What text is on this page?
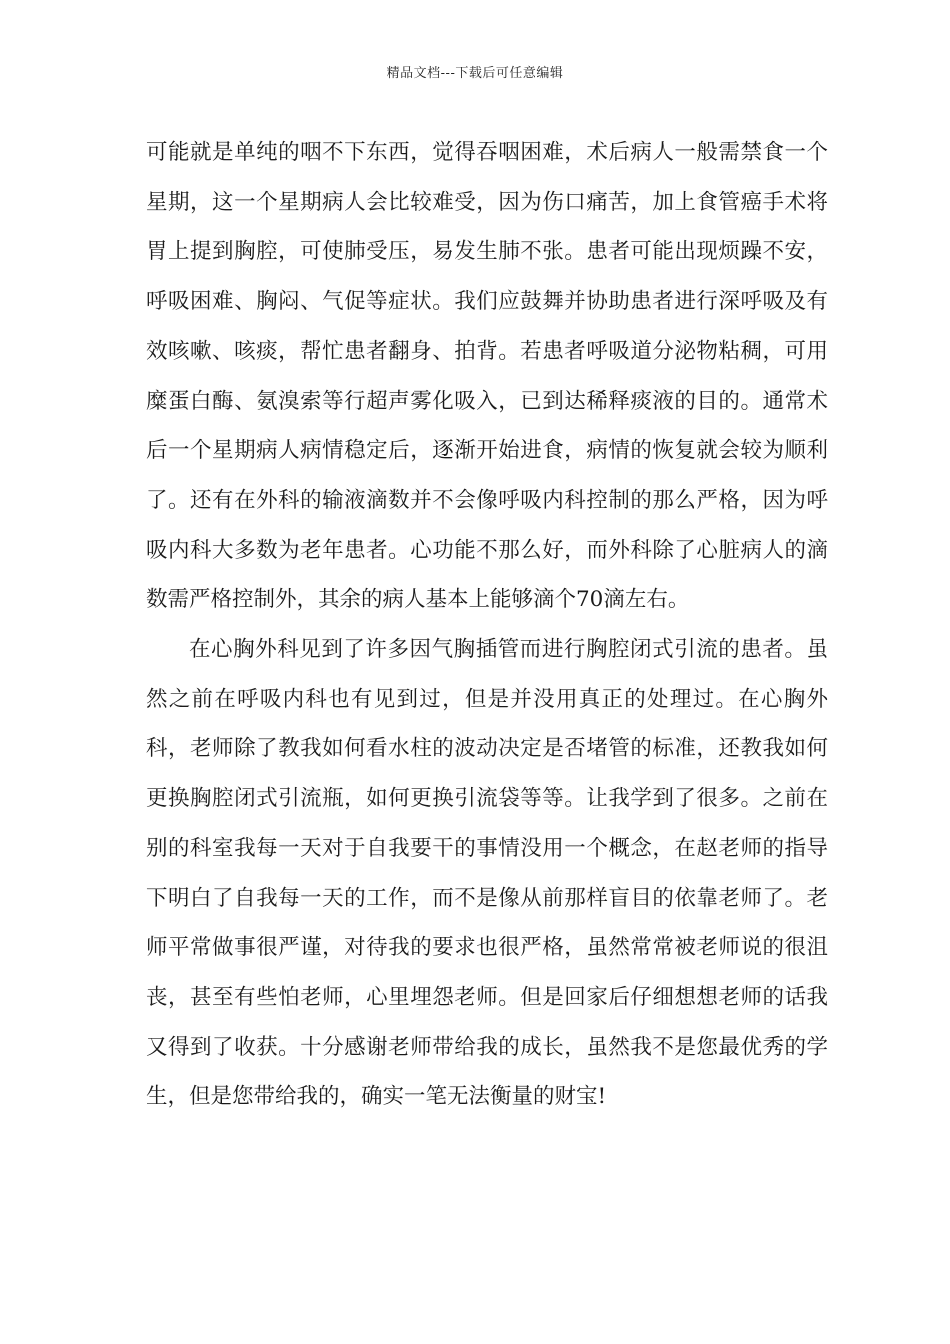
精品文档---下载后可任意编辑

可能就是单纯的咽不下东西，觉得吞咽困难，术后病人一般需禁食一个星期，这一个星期病人会比较难受，因为伤口痛苦，加上食管癌手术将胃上提到胸腔，可使肺受压，易发生肺不张。患者可能出现烦躁不安，呼吸困难、胸闷、气促等症状。我们应鼓舞并协助患者进行深呼吸及有效咳嗽、咳痰，帮忙患者翻身、拍背。若患者呼吸道分泌物粘稠，可用糜蛋白酶、氨溴索等行超声雾化吸入，已到达稀释痰液的目的。通常术后一个星期病人病情稳定后，逐渐开始进食，病情的恢复就会较为顺利了。还有在外科的输液滴数并不会像呼吸内科控制的那么严格，因为呼吸内科大多数为老年患者。心功能不那么好，而外科除了心脏病人的滴数需严格控制外，其余的病人基本上能够滴个70滴左右。

在心胸外科见到了许多因气胸插管而进行胸腔闭式引流的患者。虽然之前在呼吸内科也有见到过，但是并没用真正的处理过。在心胸外科，老师除了教我如何看水柱的波动决定是否堵管的标准，还教我如何更换胸腔闭式引流瓶，如何更换引流袋等等。让我学到了很多。之前在别的科室我每一天对于自我要干的事情没用一个概念，在赵老师的指导下明白了自我每一天的工作，而不是像从前那样盲目的依靠老师了。老师平常做事很严谨，对待我的要求也很严格，虽然常常被老师说的很沮丧，甚至有些怕老师，心里埋怨老师。但是回家后仔细想想老师的话我又得到了收获。十分感谢老师带给我的成长，虽然我不是您最优秀的学生，但是您带给我的，确实一笔无法衡量的财宝!
